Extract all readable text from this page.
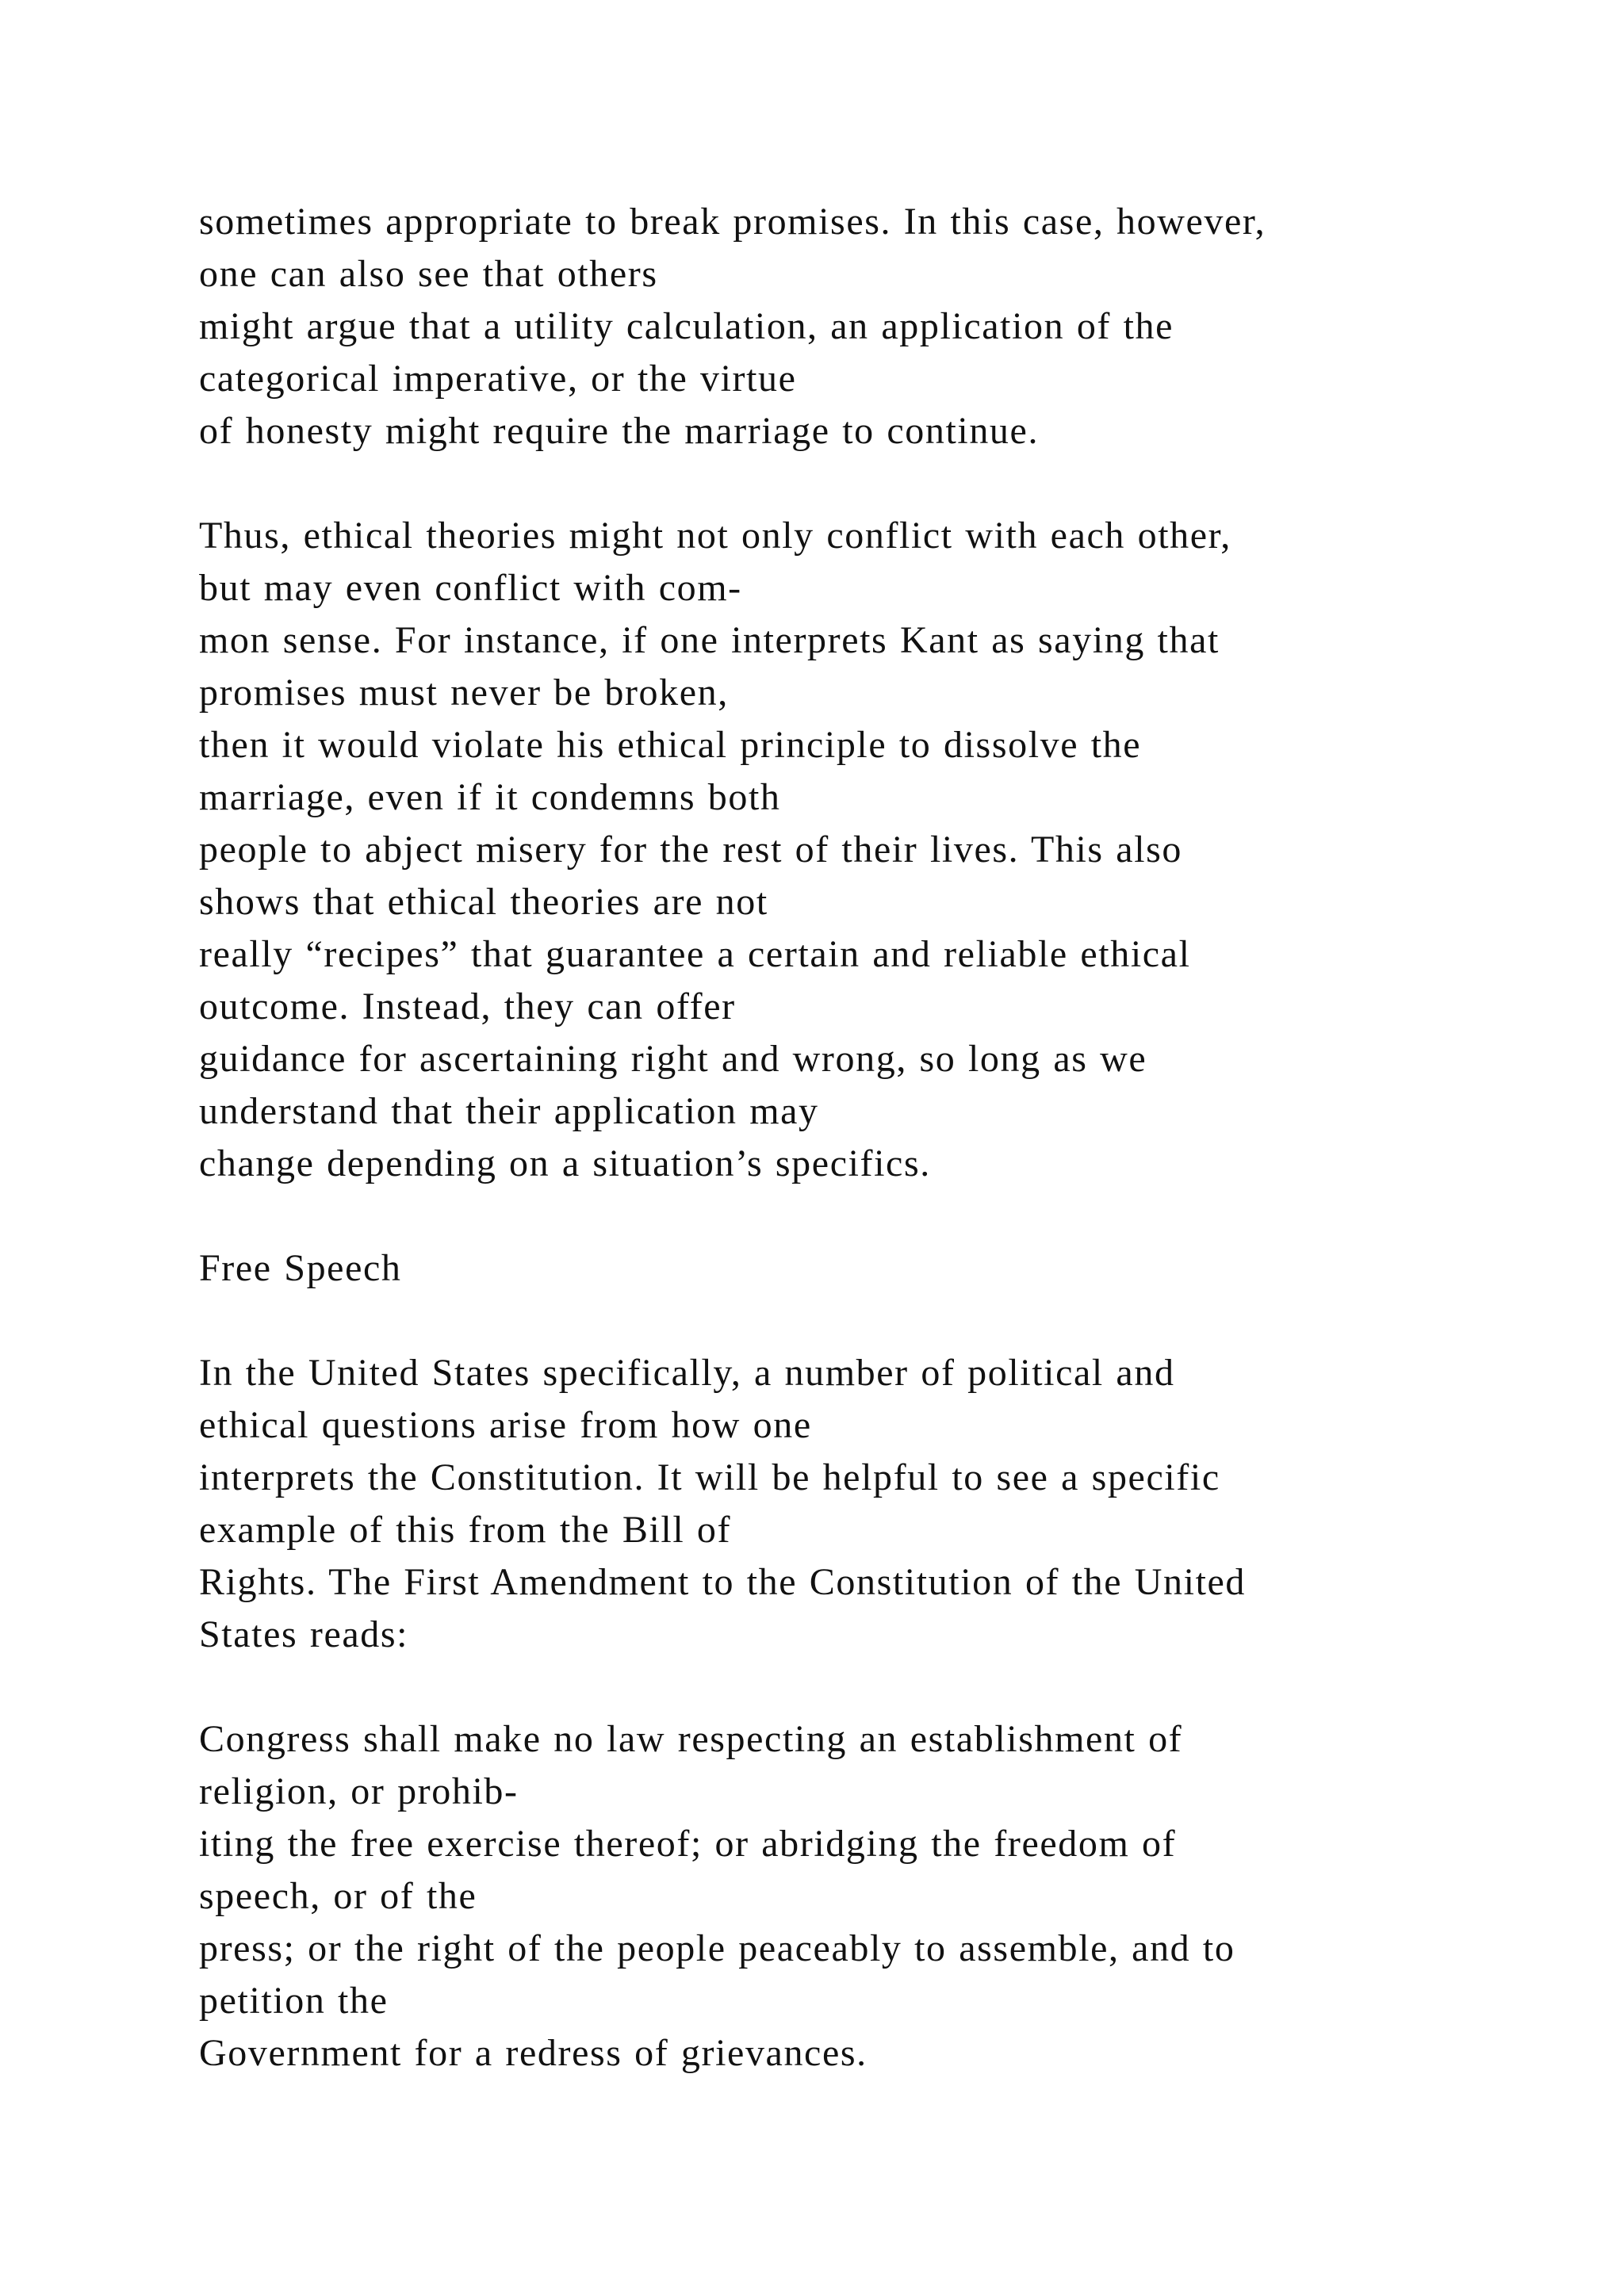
sometimes appropriate to break promises. In this case, however,
one can also see that others
might argue that a utility calculation, an application of the
categorical imperative, or the virtue
of honesty might require the marriage to continue.

Thus, ethical theories might not only conflict with each other,
but may even conflict with com-
mon sense. For instance, if one interprets Kant as saying that
promises must never be broken,
then it would violate his ethical principle to dissolve the
marriage, even if it condemns both
people to abject misery for the rest of their lives. This also
shows that ethical theories are not
really “recipes” that guarantee a certain and reliable ethical
outcome. Instead, they can offer
guidance for ascertaining right and wrong, so long as we
understand that their application may
change depending on a situation’s specifics.

Free Speech

In the United States specifically, a number of political and
ethical questions arise from how one
interprets the Constitution. It will be helpful to see a specific
example of this from the Bill of
Rights. The First Amendment to the Constitution of the United
States reads:

Congress shall make no law respecting an establishment of
religion, or prohib-
iting the free exercise thereof; or abridging the freedom of
speech, or of the
press; or the right of the people peaceably to assemble, and to
petition the
Government for a redress of grievances.
